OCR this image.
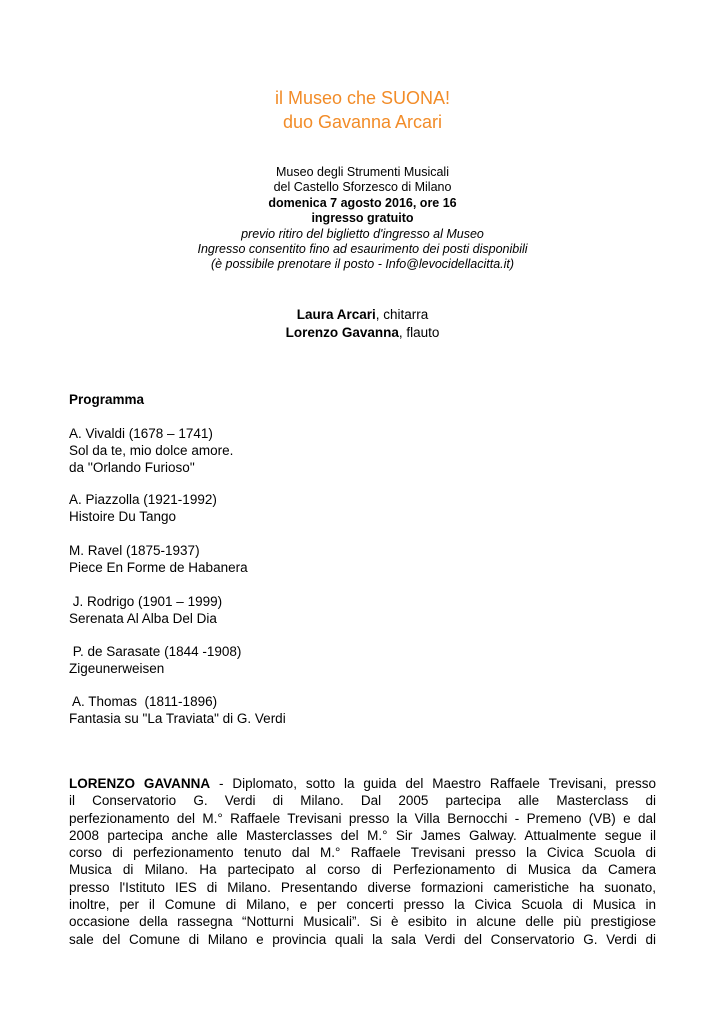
il Museo che SUONA!
duo Gavanna Arcari
Museo degli Strumenti Musicali
del Castello Sforzesco di Milano
domenica 7 agosto 2016, ore 16
ingresso gratuito
previo ritiro del biglietto d'ingresso al Museo
Ingresso consentito fino ad esaurimento dei posti disponibili
(è possibile prenotare il posto - Info@levocidellacitta.it)
Laura Arcari, chitarra
Lorenzo Gavanna, flauto
Programma
A. Vivaldi (1678 – 1741)
Sol da te, mio dolce amore.
da ''Orlando Furioso''
A. Piazzolla (1921-1992)
Histoire Du Tango
M. Ravel (1875-1937)
Piece En Forme de Habanera
J. Rodrigo (1901 – 1999)
Serenata Al Alba Del Dia
P. de Sarasate (1844 -1908)
Zigeunerweisen
A. Thomas  (1811-1896)
Fantasia su "La Traviata" di G. Verdi
LORENZO GAVANNA - Diplomato, sotto la guida del Maestro Raffaele Trevisani, presso
il Conservatorio G. Verdi di Milano. Dal 2005 partecipa alle Masterclass di
perfezionamento del M.° Raffaele Trevisani presso la Villa Bernocchi - Premeno (VB) e dal
2008 partecipa anche alle Masterclasses del M.° Sir James Galway. Attualmente segue il
corso di perfezionamento tenuto dal M.° Raffaele Trevisani presso la Civica Scuola di
Musica di Milano. Ha partecipato al corso di Perfezionamento di Musica da Camera
presso l'Istituto IES di Milano. Presentando diverse formazioni cameristiche ha suonato,
inoltre, per il Comune di Milano, e per concerti presso la Civica Scuola di Musica in
occasione della rassegna “Notturni Musicali”. Si è esibito in alcune delle più prestigiose
sale del Comune di Milano e provincia quali la sala Verdi del Conservatorio G. Verdi di
